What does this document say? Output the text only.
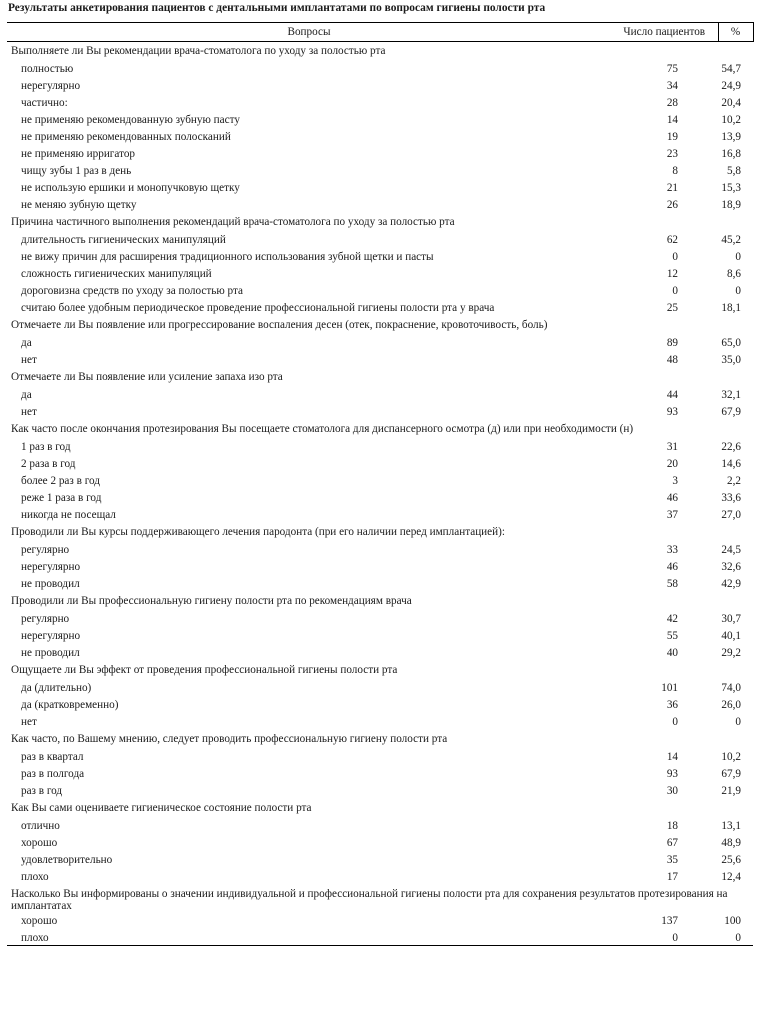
Результаты анкетирования пациентов с дентальными имплантатами по вопросам гигиены полости рта
Вопросы	Число пациентов	%
Выполняете ли Вы рекомендации врача-стоматолога по уходу за полостью рта		
полностью	75	54,7
нерегулярно	34	24,9
частично:	28	20,4
не применяю рекомендованную зубную пасту	14	10,2
не применяю рекомендованных полосканий	19	13,9
не применяю ирригатор	23	16,8
чищу зубы 1 раз в день	8	5,8
не использую ершики и монопучковую щетку	21	15,3
не меняю зубную щетку	26	18,9
Причина частичного выполнения рекомендаций врача-стоматолога по уходу за полостью рта		
длительность гигиенических манипуляций	62	45,2
не вижу причин для расширения традиционного использования зубной щетки и пасты	0	0
сложность гигиенических манипуляций	12	8,6
дороговизна средств по уходу за полостью рта	0	0
считаю более удобным периодическое проведение профессиональной гигиены полости рта у врача	25	18,1
Отмечаете ли Вы появление или прогрессирование воспаления десен (отек, покраснение, кровоточивость, боль)		
да	89	65,0
нет	48	35,0
Отмечаете ли Вы появление или усиление запаха изо рта		
да	44	32,1
нет	93	67,9
Как часто после окончания протезирования Вы посещаете стоматолога для диспансерного осмотра (д) или при необходимости (н)		
1 раз в год	31	22,6
2 раза в год	20	14,6
более 2 раз в год	3	2,2
реже 1 раза в год	46	33,6
никогда не посещал	37	27,0
Проводили ли Вы курсы поддерживающего лечения пародонта (при его наличии перед имплантацией):		
регулярно	33	24,5
нерегулярно	46	32,6
не проводил	58	42,9
Проводили ли Вы профессиональную гигиену полости рта по рекомендациям врача		
регулярно	42	30,7
нерегулярно	55	40,1
не проводил	40	29,2
Ощущаете ли Вы эффект от проведения профессиональной гигиены полости рта		
да (длительно)	101	74,0
да (кратковременно)	36	26,0
нет	0	0
Как часто, по Вашему мнению, следует проводить профессиональную гигиену полости рта		
раз в квартал	14	10,2
раз в полгода	93	67,9
раз в год	30	21,9
Как Вы сами оцениваете гигиеническое состояние полости рта		
отлично	18	13,1
хорошо	67	48,9
удовлетворительно	35	25,6
плохо	17	12,4
Насколько Вы информированы о значении индивидуальной и профессиональной гигиены полости рта для сохранения результатов протезирования на имплантатах		
хорошо	137	100
плохо	0	0
